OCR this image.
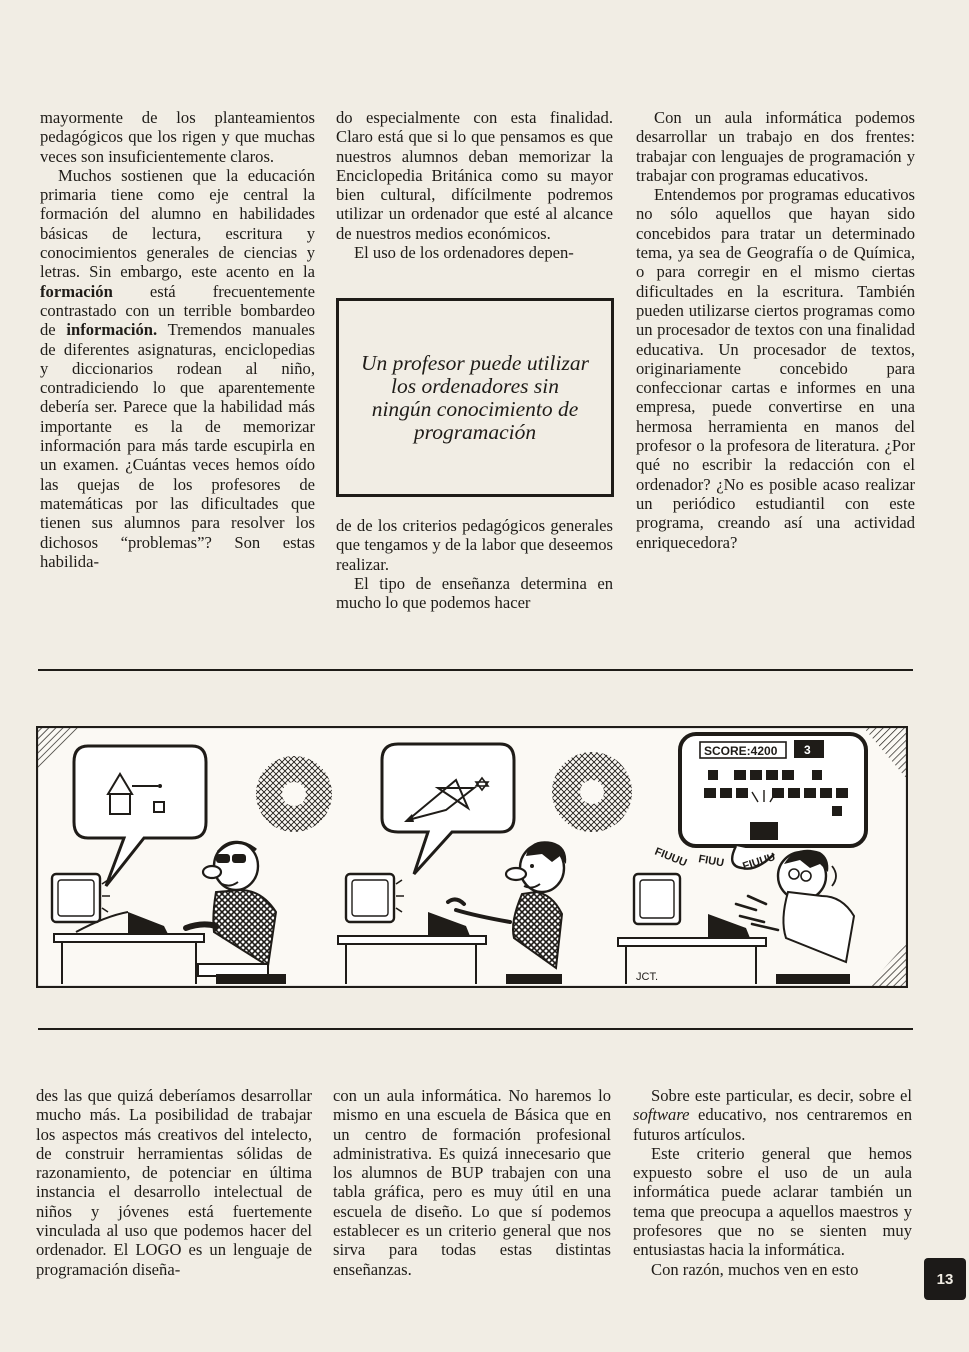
mayormente de los planteamientos pedagógicos que los rigen y que muchas veces son insuficientemente claros.

Muchos sostienen que la educación primaria tiene como eje central la formación del alumno en habilidades básicas de lectura, escritura y conocimientos generales de ciencias y letras. Sin embargo, este acento en la formación está frecuentemente contrastado con un terrible bombardeo de información. Tremendos manuales de diferentes asignaturas, enciclopedias y diccionarios rodean al niño, contradiciendo lo que aparentemente debería ser. Parece que la habilidad más importante es la de memorizar información para más tarde escupirla en un examen. ¿Cuántas veces hemos oído las quejas de los profesores de matemáticas por las dificultades que tienen sus alumnos para resolver los dichosos “problemas”? Son estas habilida-

do especialmente con esta finalidad. Claro está que si lo que pensamos es que nuestros alumnos deban memorizar la Enciclopedia Británica como su mayor bien cultural, difícilmente podremos utilizar un ordenador que esté al alcance de nuestros medios económicos.

El uso de los ordenadores depen-

Un profesor puede utilizar los ordenadores sin ningún conocimiento de programación

de de los criterios pedagógicos generales que tengamos y de la labor que deseemos realizar.

El tipo de enseñanza determina en mucho lo que podemos hacer

Con un aula informática podemos desarrollar un trabajo en dos frentes: trabajar con lenguajes de programación y trabajar con programas educativos.

Entendemos por programas educativos no sólo aquellos que hayan sido concebidos para tratar un determinado tema, ya sea de Geografía o de Química, o para corregir en el mismo ciertas dificultades en la escritura. También pueden utilizarse ciertos programas como un procesador de textos con una finalidad educativa. Un procesador de textos, originariamente concebido para confeccionar cartas e informes en una empresa, puede convertirse en una hermosa herramienta en manos del profesor o la profesora de literatura. ¿Por qué no escribir la redacción con el ordenador? ¿No es posible acaso realizar un periódico estudiantil con este programa, creando así una actividad enriquecedora?

SCORE:4200 3
FIUUU FIUU FIUUU
JCT.

des las que quizá deberíamos desarrollar mucho más. La posibilidad de trabajar los aspectos más creativos del intelecto, de construir herramientas sólidas de razonamiento, de potenciar en última instancia el desarrollo intelectual de niños y jóvenes está fuertemente vinculada al uso que podemos hacer del ordenador. El LOGO es un lenguaje de programación diseña-

con un aula informática. No haremos lo mismo en una escuela de Básica que en un centro de formación profesional administrativa. Es quizá innecesario que los alumnos de BUP trabajen con una tabla gráfica, pero es muy útil en una escuela de diseño. Lo que sí podemos establecer es un criterio general que nos sirva para todas estas distintas enseñanzas.

Sobre este particular, es decir, sobre el software educativo, nos centraremos en futuros artículos.

Este criterio general que hemos expuesto sobre el uso de un aula informática puede aclarar también un tema que preocupa a aquellos maestros y profesores que no se sienten muy entusiastas hacia la informática.

Con razón, muchos ven en esto

13
